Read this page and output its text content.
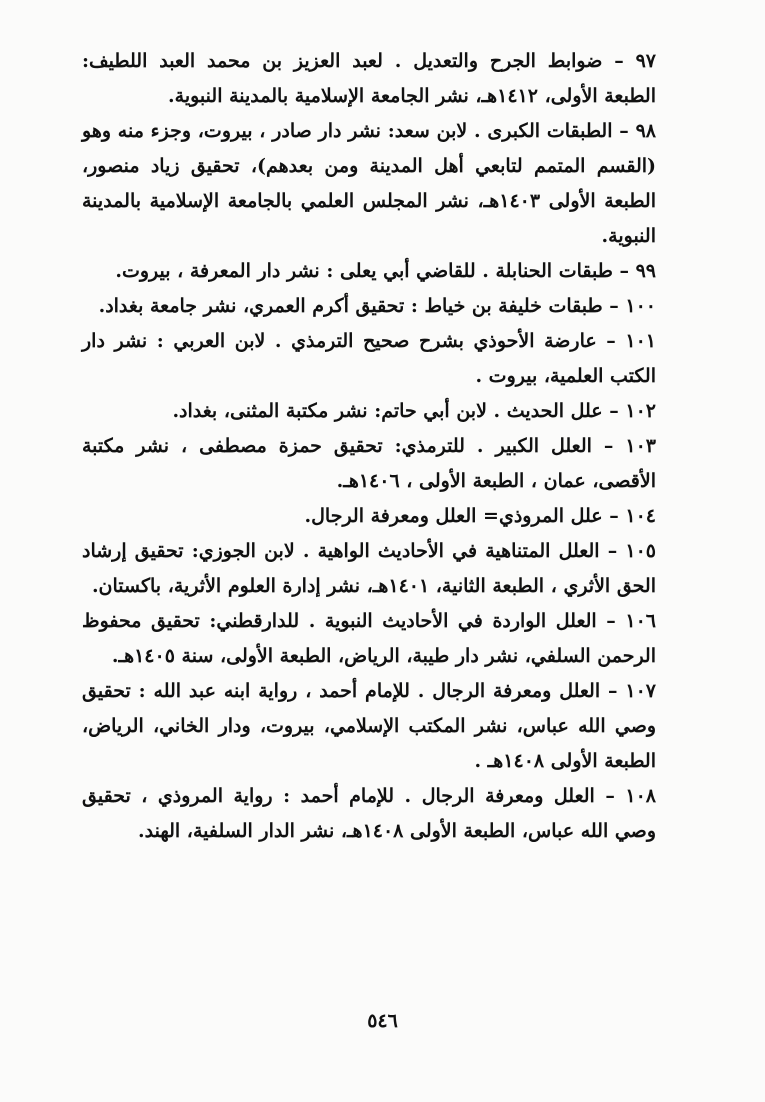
٩٧ – ضوابط الجرح والتعديل . لعبد العزيز بن محمد العبد اللطيف: الطبعة الأولى، ١٤١٢هـ، نشر الجامعة الإسلامية بالمدينة النبوية.
٩٨ – الطبقات الكبرى . لابن سعد: نشر دار صادر ، بيروت، وجزء منه وهو (القسم المتمم لتابعي أهل المدينة ومن بعدهم)، تحقيق زياد منصور، الطبعة الأولى ١٤٠٣هـ، نشر المجلس العلمي بالجامعة الإسلامية بالمدينة النبوية.
٩٩ – طبقات الحنابلة . للقاضي أبي يعلى : نشر دار المعرفة ، بيروت.
١٠٠ – طبقات خليفة بن خياط : تحقيق أكرم العمري، نشر جامعة بغداد.
١٠١ – عارضة الأحوذي بشرح صحيح الترمذي . لابن العربي : نشر دار الكتب العلمية، بيروت .
١٠٢ – علل الحديث . لابن أبي حاتم: نشر مكتبة المثنى، بغداد.
١٠٣ – العلل الكبير . للترمذي: تحقيق حمزة مصطفى ، نشر مكتبة الأقصى، عمان ، الطبعة الأولى ، ١٤٠٦هـ.
١٠٤ – علل المروذي= العلل ومعرفة الرجال.
١٠٥ – العلل المتناهية في الأحاديث الواهية . لابن الجوزي: تحقيق إرشاد الحق الأثري ، الطبعة الثانية، ١٤٠١هـ، نشر إدارة العلوم الأثرية، باكستان.
١٠٦ – العلل الواردة في الأحاديث النبوية . للدارقطني: تحقيق محفوظ الرحمن السلفي، نشر دار طيبة، الرياض، الطبعة الأولى، سنة ١٤٠٥هـ.
١٠٧ – العلل ومعرفة الرجال . للإمام أحمد ، رواية ابنه عبد الله : تحقيق وصي الله عباس، نشر المكتب الإسلامي، بيروت، ودار الخاني، الرياض، الطبعة الأولى ١٤٠٨هـ .
١٠٨ – العلل ومعرفة الرجال . للإمام أحمد : رواية المروذي ، تحقيق وصي الله عباس، الطبعة الأولى ١٤٠٨هـ، نشر الدار السلفية، الهند.
٥٤٦
